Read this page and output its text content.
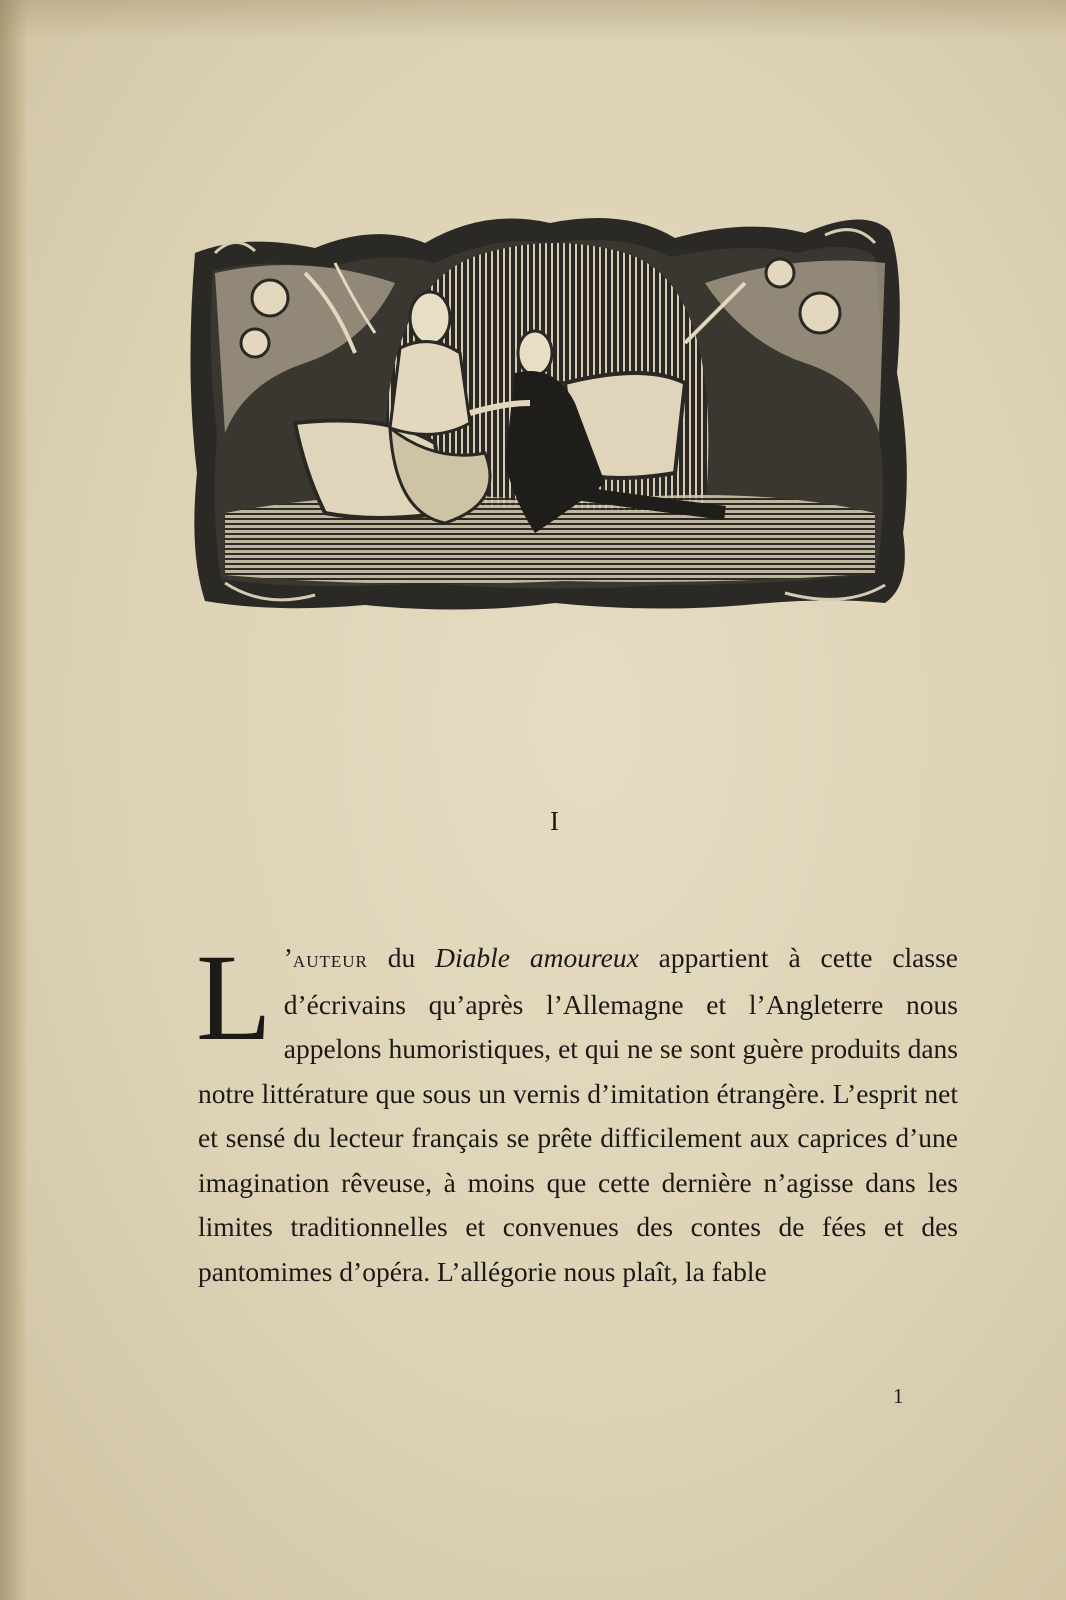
I
L ’auteur du Diable amoureux appartient à cette classe d’écrivains qu’après l’Allemagne et l’Angleterre nous appelons humoristiques, et qui ne se sont guère produits dans notre littérature que sous un vernis d’imitation étrangère. L’esprit net et sensé du lecteur français se prête difficilement aux caprices d’une imagination rêveuse, à moins que cette dernière n’agisse dans les limites traditionnelles et convenues des contes de fées et des pantomimes d’opéra. L’allégorie nous plaît, la fable
1
